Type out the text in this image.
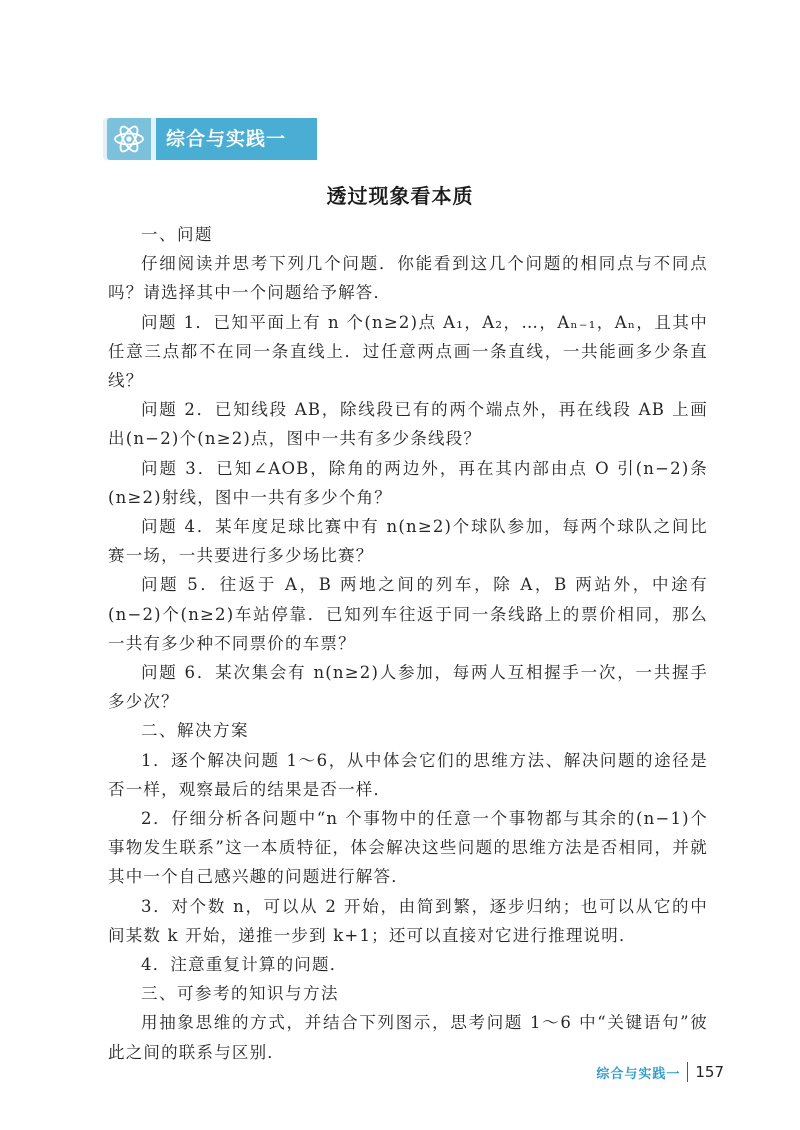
综合与实践一
透过现象看本质

一、问题

仔细阅读并思考下列几个问题．你能看到这几个问题的相同点与不同点吗？请选择其中一个问题给予解答．

问题 1．已知平面上有 n 个(n≥2)点 A₁，A₂，…，Aₙ₋₁，Aₙ，且其中任意三点都不在同一条直线上．过任意两点画一条直线，一共能画多少条直线？

问题 2．已知线段 AB，除线段已有的两个端点外，再在线段 AB 上画出(n−2)个(n≥2)点，图中一共有多少条线段？

问题 3．已知∠AOB，除角的两边外，再在其内部由点 O 引(n−2)条(n≥2)射线，图中一共有多少个角？

问题 4．某年度足球比赛中有 n(n≥2)个球队参加，每两个球队之间比赛一场，一共要进行多少场比赛？

问题 5．往返于 A，B 两地之间的列车，除 A，B 两站外，中途有(n−2)个(n≥2)车站停靠．已知列车往返于同一条线路上的票价相同，那么一共有多少种不同票价的车票？

问题 6．某次集会有 n(n≥2)人参加，每两人互相握手一次，一共握手多少次？

二、解决方案

1．逐个解决问题 1～6，从中体会它们的思维方法、解决问题的途径是否一样，观察最后的结果是否一样．

2．仔细分析各问题中“n 个事物中的任意一个事物都与其余的(n−1)个事物发生联系”这一本质特征，体会解决这些问题的思维方法是否相同，并就其中一个自己感兴趣的问题进行解答．

3．对个数 n，可以从 2 开始，由简到繁，逐步归纳；也可以从它的中间某数 k 开始，递推一步到 k+1；还可以直接对它进行推理说明．

4．注意重复计算的问题．

三、可参考的知识与方法

用抽象思维的方式，并结合下列图示，思考问题 1～6 中“关键语句”彼此之间的联系与区别．

综合与实践一 157
